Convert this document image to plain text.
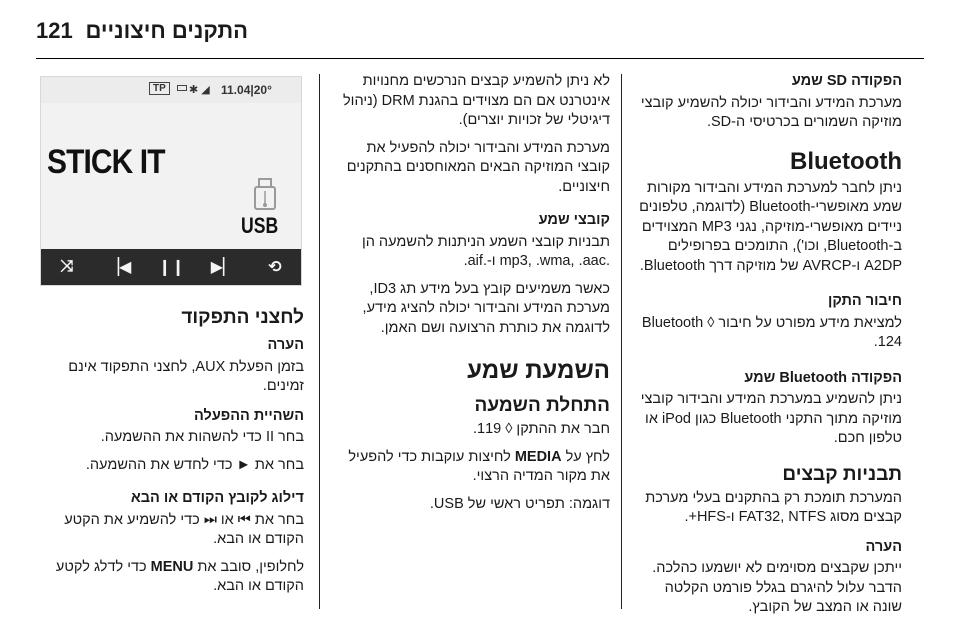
התקנים חיצוניים
121
הפקודה SD שמע
מערכת המידע והבידור יכולה להשמיע קובצי מוזיקה השמורים בכרטיסי ה-SD.
Bluetooth
ניתן לחבר למערכת המידע והבידור מקורות שמע מאופשרי-Bluetooth (לדוגמה, טלפונים ניידים מאופשרי-מוזיקה, נגני MP3 המצוידים ב-Bluetooth, וכו'), התומכים בפרופילים A2DP ו-AVRCP של מוזיקה דרך Bluetooth.
חיבור התקן
למציאת מידע מפורט על חיבור Bluetooth ◊ 124.
הפקודה Bluetooth שמע
ניתן להשמיע במערכת המידע והבידור קובצי מוזיקה מתוך התקני Bluetooth כגון iPod או טלפון חכם.
תבניות קבצים
המערכת תומכת רק בהתקנים בעלי מערכת קבצים מסוג FAT32, NTFS ו-HFS+.
הערה
ייתכן שקבצים מסוימים לא יושמעו כהלכה. הדבר עלול להיגרם בגלל פורמט הקלטה שונה או המצב של הקובץ.
לא ניתן להשמיע קבצים הנרכשים מחנויות אינטרנט אם הם מצוידים בהגנת DRM (ניהול דיגיטלי של זכויות יוצרים).
מערכת המידע והבידור יכולה להפעיל את קובצי המוזיקה הבאים המאוחסנים בהתקנים חיצוניים.
קובצי שמע
תבניות קובצי השמע הניתנות להשמעה הן .mp3, .wma, .aac ו-.aif.
כאשר משמיעים קובץ בעל מידע תג ID3, מערכת המידע והבידור יכולה להציג מידע, לדוגמה את כותרת הרצועה ושם האמן.
השמעת שמע
התחלת השמעה
חבר את ההתקן ◊ 119.
לחץ על MEDIA לחיצות עוקבות כדי להפעיל את מקור המדיה הרצוי.
דוגמה: תפריט ראשי של USB.
TP	✱ ◢ 11.04|20°
STICK IT
USB
⤨	▕◀ ❙❙ ▶▏	⟲
לחצני התפקוד
הערה
בזמן הפעלת AUX, לחצני התפקוד אינם זמינים.
השהיית ההפעלה
בחר II כדי להשהות את ההשמעה.
בחר את ► כדי לחדש את ההשמעה.
דילוג לקובץ הקודם או הבא
בחר את ⏮ או ⏭ כדי להשמיע את הקטע הקודם או הבא.
לחלופין, סובב את MENU כדי לדלג לקטע הקודם או הבא.
